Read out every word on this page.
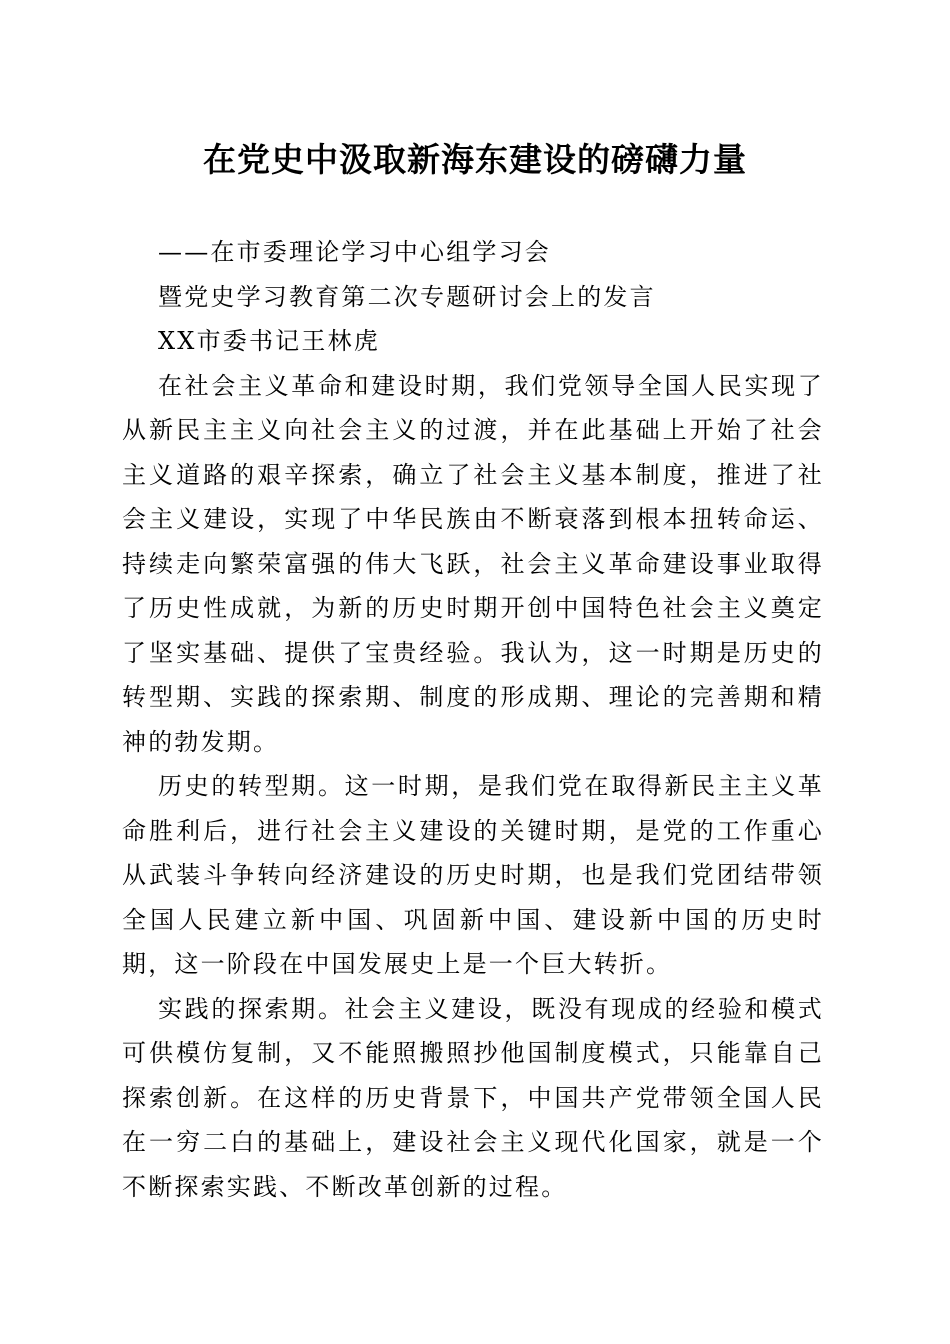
在党史中汲取新海东建设的磅礴力量

——在市委理论学习中心组学习会

暨党史学习教育第二次专题研讨会上的发言

XX市委书记王林虎

在社会主义革命和建设时期，我们党领导全国人民实现了从新民主主义向社会主义的过渡，并在此基础上开始了社会主义道路的艰辛探索，确立了社会主义基本制度，推进了社会主义建设，实现了中华民族由不断衰落到根本扭转命运、持续走向繁荣富强的伟大飞跃，社会主义革命建设事业取得了历史性成就，为新的历史时期开创中国特色社会主义奠定了坚实基础、提供了宝贵经验。我认为，这一时期是历史的转型期、实践的探索期、制度的形成期、理论的完善期和精神的勃发期。

历史的转型期。这一时期，是我们党在取得新民主主义革命胜利后，进行社会主义建设的关键时期，是党的工作重心从武装斗争转向经济建设的历史时期，也是我们党团结带领全国人民建立新中国、巩固新中国、建设新中国的历史时期，这一阶段在中国发展史上是一个巨大转折。

实践的探索期。社会主义建设，既没有现成的经验和模式可供模仿复制，又不能照搬照抄他国制度模式，只能靠自己探索创新。在这样的历史背景下，中国共产党带领全国人民在一穷二白的基础上，建设社会主义现代化国家，就是一个不断探索实践、不断改革创新的过程。
